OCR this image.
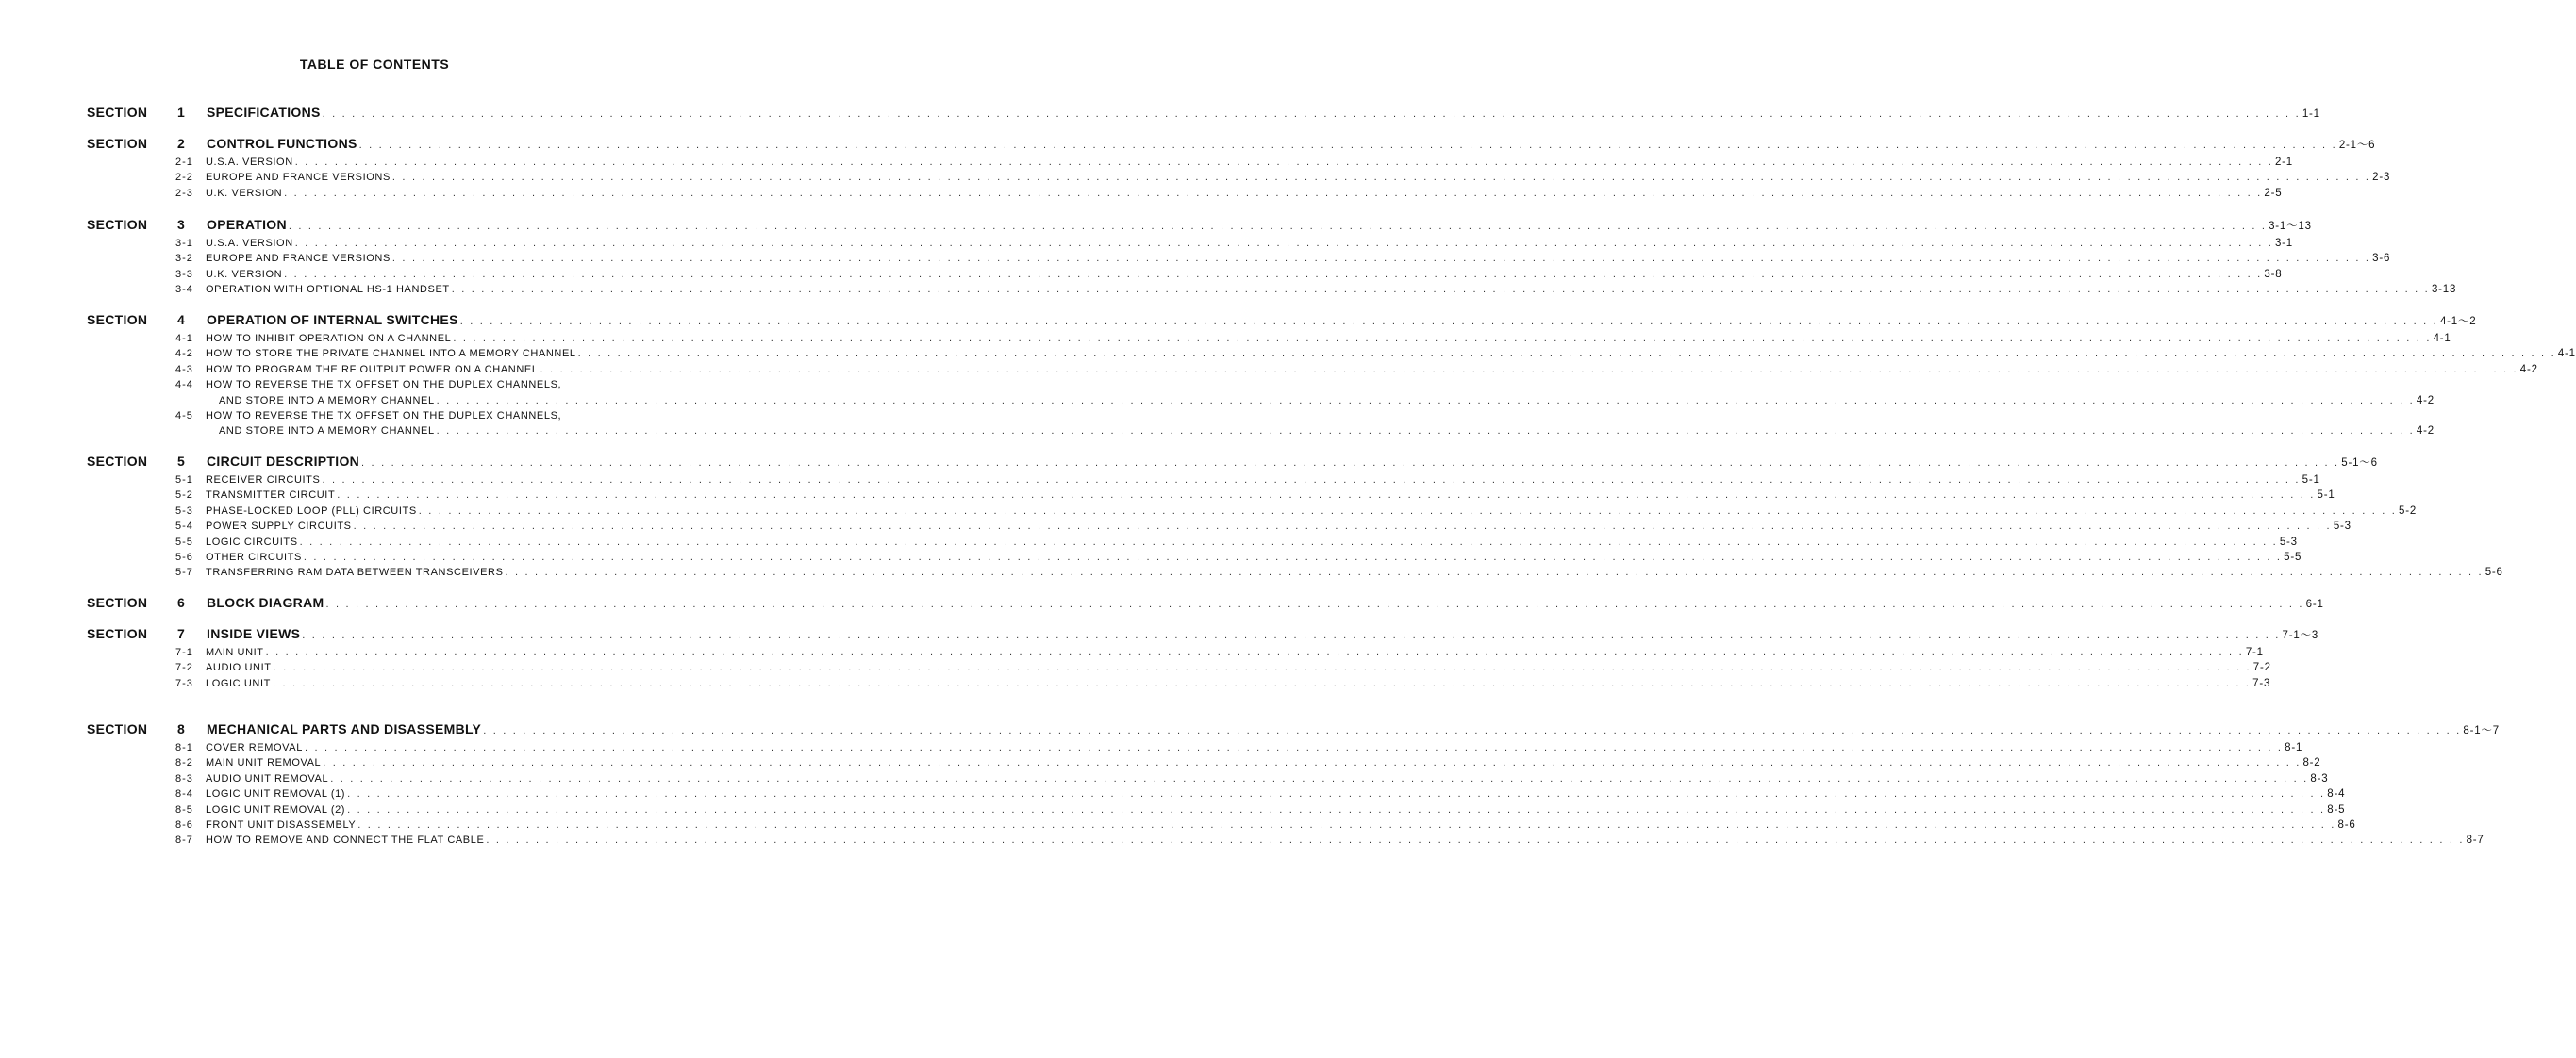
TABLE OF CONTENTS
SECTION 1 SPECIFICATIONS . . . . . . . . . . . . . . . . . . . . . . . . . . . . . . . . . . . . . . . . . . . . . . . . . . . . . . . . . . . . . . . . . . . . . . . . . . . . . . . . . . . . . . . . . . . . . . . . . . . . . . . . . . . . . . . . . . . . . . . . . . . . . . . . . . . . . . . . . . . . . . . . . . . . . . . . . . . . . . . . . . . . . . . . . . . . . . . . . . . . . . . . . . . . . . . . . . . . . . . . 1-1
SECTION 2 CONTROL FUNCTIONS . . . . . . . . . . . . . . . . . . . . . . . . . . . . . . . . . . . . . . . . . . . . . . . . . . . . . . . . . . . . . . . . . . . . . . . . . . . . . . . . . . . . . . . . . . . . . . . . . . . . . . . . . . . . . . . . . . . . . . . . . . . . . . . . . . . . . . . . . . . . . . . . . . . . . . . . . . . . . . . . . . . . . . . . . . . . . . . . . . . . . . . . . . . . . . . . . . . . . . . . 2-1～6
2-1	U.S.A. VERSION . . . . . . . . . . . . . . . . . . . . . . . . . . . . . . . . . . . . . . . . . . . . . . . . . . . . . . . . . . . . . . . . . . . . . . . . . . . . . . . . . . . . . . . . . . . . . . . . . . . . . . . . . . . . . . . . . . . . . . . . . . . . . . . . . . . . . . . . . . . . . . . . . . . . . . . . . . . . . . . . . . . . . . . . . . . . . . . . . . . . . . . . . . . . . . . . . . . . . . . . 2-1
2-2	EUROPE AND FRANCE VERSIONS . . . . . . . . . . . . . . . . . . . . . . . . . . . . . . . . . . . . . . . . . . . . . . . . . . . . . . . . . . . . . . . . . . . . . . . . . . . . . . . . . . . . . . . . . . . . . . . . . . . . . . . . . . . . . . . . . . . . . . . . . . . . . . . . . . . . . . . . . . . . . . . . . . . . . . . . . . . . . . . . . . . . . . . . . . . . . . . . . . . . . . . . . . . . . . . . . . . . . . . . 2-3
2-3	U.K. VERSION . . . . . . . . . . . . . . . . . . . . . . . . . . . . . . . . . . . . . . . . . . . . . . . . . . . . . . . . . . . . . . . . . . . . . . . . . . . . . . . . . . . . . . . . . . . . . . . . . . . . . . . . . . . . . . . . . . . . . . . . . . . . . . . . . . . . . . . . . . . . . . . . . . . . . . . . . . . . . . . . . . . . . . . . . . . . . . . . . . . . . . . . . . . . . . . . . . . . . . . . 2-5
SECTION 3 OPERATION . . . . . . . . . . . . . . . . . . . . . . . . . . . . . . . . . . . . . . . . . . . . . . . . . . . . . . . . . . . . . . . . . . . . . . . . . . . . . . . . . . . . . . . . . . . . . . . . . . . . . . . . . . . . . . . . . . . . . . . . . . . . . . . . . . . . . . . . . . . . . . . . . . . . . . . . . . . . . . . . . . . . . . . . . . . . . . . . . . . . . . . . . . . . . . . . . . . . . . . . 3-1～13
3-1	U.S.A. VERSION . . . . . . . . . . . . . . . . . . . . . . . . . . . . . . . . . . . . . . . . . . . . . . . . . . . . . . . . . . . . . . . . . . . . . . . . . . . . . . . . . . . . . . . . . . . . . . . . . . . . . . . . . . . . . . . . . . . . . . . . . . . . . . . . . . . . . . . . . . . . . . . . . . . . . . . . . . . . . . . . . . . . . . . . . . . . . . . . . . . . . . . . . . . . . . . . . . . . . . . . 3-1
3-2	EUROPE AND FRANCE VERSIONS . . . . . . . . . . . . . . . . . . . . . . . . . . . . . . . . . . . . . . . . . . . . . . . . . . . . . . . . . . . . . . . . . . . . . . . . . . . . . . . . . . . . . . . . . . . . . . . . . . . . . . . . . . . . . . . . . . . . . . . . . . . . . . . . . . . . . . . . . . . . . . . . . . . . . . . . . . . . . . . . . . . . . . . . . . . . . . . . . . . . . . . . . . . . . . . . . . . . . . . . 3-6
3-3	U.K. VERSION . . . . . . . . . . . . . . . . . . . . . . . . . . . . . . . . . . . . . . . . . . . . . . . . . . . . . . . . . . . . . . . . . . . . . . . . . . . . . . . . . . . . . . . . . . . . . . . . . . . . . . . . . . . . . . . . . . . . . . . . . . . . . . . . . . . . . . . . . . . . . . . . . . . . . . . . . . . . . . . . . . . . . . . . . . . . . . . . . . . . . . . . . . . . . . . . . . . . . . . . 3-8
3-4	OPERATION WITH OPTIONAL HS-1 HANDSET . . . . . . . . . . . . . . . . . . . . . . . . . . . . . . . . . . . . . . . . . . . . . . . . . . . . . . . . . . . . . . . . . . . . . . . . . . . . . . . . . . . . . . . . . . . . . . . . . . . . . . . . . . . . . . . . . . . . . . . . . . . . . . . . . . . . . . . . . . . . . . . . . . . . . . . . . . . . . . . . . . . . . . . . . . . . . . . . . . . . . . . . . . . . . . . . . . . . . . . . 3-13
SECTION 4 OPERATION OF INTERNAL SWITCHES . . . . . . . . . . . . . . . . . . . . . . . . . . . . . . . . . . . . . . . . . . . . . . . . . . . . . . . . . . . . . . . . . . . . . . . . . . . . . . . . . . . . . . . . . . . . . . . . . . . . . . . . . . . . . . . . . . . . . . . . . . . . . . . . . . . . . . . . . . . . . . . . . . . . . . . . . . . . . . . . . . . . . . . . . . . . . . . . . . . . . . . . . . . . . . . . . . . . . . . . 4-1～2
4-1	HOW TO INHIBIT OPERATION ON A CHANNEL . . . . . . . . . . . . . . . . . . . . . . . . . . . . . . . . . . . . . . . . . . . . . . . . . . . . . . . . . . . . . . . . . . . . . . . . . . . . . . . . . . . . . . . . . . . . . . . . . . . . . . . . . . . . . . . . . . . . . . . . . . . . . . . . . . . . . . . . . . . . . . . . . . . . . . . . . . . . . . . . . . . . . . . . . . . . . . . . . . . . . . . . . . . . . . . . . . . . . . . . 4-1
4-2	HOW TO STORE THE PRIVATE CHANNEL INTO A MEMORY CHANNEL . . . . . . . . . . . . . . . . . . . . . . . . . . . . . . . . . . . . . . . . . . . . . . . . . . . . . . . . . . . . . . . . . . . . . . . . . . . . . . . . . . . . . . . . . . . . . . . . . . . . . . . . . . . . . . . . . . . . . . . . . . . . . . . . . . . . . . . . . . . . . . . . . . . . . . . . . . . . . . . . . . . . . . . . . . . . . . . . . . . . . . . . . . . . . . . . . . . . . . . . 4-1
4-3	HOW TO PROGRAM THE RF OUTPUT POWER ON A CHANNEL . . . . . . . . . . . . . . . . . . . . . . . . . . . . . . . . . . . . . . . . . . . . . . . . . . . . . . . . . . . . . . . . . . . . . . . . . . . . . . . . . . . . . . . . . . . . . . . . . . . . . . . . . . . . . . . . . . . . . . . . . . . . . . . . . . . . . . . . . . . . . . . . . . . . . . . . . . . . . . . . . . . . . . . . . . . . . . . . . . . . . . . . . . . . . . . . . . . . . . . . 4-2
4-4 HOW TO REVERSE THE TX OFFSET ON THE DUPLEX CHANNELS,
AND STORE INTO A MEMORY CHANNEL . . . . . . . . . . . . . . . . . . . . . . . . . . . . . . . . . . . . . . . . . . . . . . . . . . . . . . . . . . . . . . . . . . . . . . . . . . . . . . . . . . . . . . . . . . . . . . . . . . . . . . . . . . . . . . . . . . . . . . . . . . . . . . . . . . . . . . . . . . . . . . . . . . . . . . . . . . . . . . . . . . . . . . . . . . . . . . . . . . . . . . . . . . . . . . . . . . . . . . . . 4-2
4-5 HOW TO REVERSE THE TX OFFSET ON THE DUPLEX CHANNELS,
AND STORE INTO A MEMORY CHANNEL . . . . . . . . . . . . . . . . . . . . . . . . . . . . . . . . . . . . . . . . . . . . . . . . . . . . . . . . . . . . . . . . . . . . . . . . . . . . . . . . . . . . . . . . . . . . . . . . . . . . . . . . . . . . . . . . . . . . . . . . . . . . . . . . . . . . . . . . . . . . . . . . . . . . . . . . . . . . . . . . . . . . . . . . . . . . . . . . . . . . . . . . . . . . . . . . . . . . . . . . 4-2
SECTION 5 CIRCUIT DESCRIPTION . . . . . . . . . . . . . . . . . . . . . . . . . . . . . . . . . . . . . . . . . . . . . . . . . . . . . . . . . . . . . . . . . . . . . . . . . . . . . . . . . . . . . . . . . . . . . . . . . . . . . . . . . . . . . . . . . . . . . . . . . . . . . . . . . . . . . . . . . . . . . . . . . . . . . . . . . . . . . . . . . . . . . . . . . . . . . . . . . . . . . . . . . . . . . . . . . . . . . . . . 5-1～6
5-1	RECEIVER CIRCUITS . . . . . . . . . . . . . . . . . . . . . . . . . . . . . . . . . . . . . . . . . . . . . . . . . . . . . . . . . . . . . . . . . . . . . . . . . . . . . . . . . . . . . . . . . . . . . . . . . . . . . . . . . . . . . . . . . . . . . . . . . . . . . . . . . . . . . . . . . . . . . . . . . . . . . . . . . . . . . . . . . . . . . . . . . . . . . . . . . . . . . . . . . . . . . . . . . . . . . . . . 5-1
5-2	TRANSMITTER CIRCUIT . . . . . . . . . . . . . . . . . . . . . . . . . . . . . . . . . . . . . . . . . . . . . . . . . . . . . . . . . . . . . . . . . . . . . . . . . . . . . . . . . . . . . . . . . . . . . . . . . . . . . . . . . . . . . . . . . . . . . . . . . . . . . . . . . . . . . . . . . . . . . . . . . . . . . . . . . . . . . . . . . . . . . . . . . . . . . . . . . . . . . . . . . . . . . . . . . . . . . . . . 5-1
5-3	PHASE-LOCKED LOOP (PLL) CIRCUITS . . . . . . . . . . . . . . . . . . . . . . . . . . . . . . . . . . . . . . . . . . . . . . . . . . . . . . . . . . . . . . . . . . . . . . . . . . . . . . . . . . . . . . . . . . . . . . . . . . . . . . . . . . . . . . . . . . . . . . . . . . . . . . . . . . . . . . . . . . . . . . . . . . . . . . . . . . . . . . . . . . . . . . . . . . . . . . . . . . . . . . . . . . . . . . . . . . . . . . . . 5-2
5-4	POWER SUPPLY CIRCUITS . . . . . . . . . . . . . . . . . . . . . . . . . . . . . . . . . . . . . . . . . . . . . . . . . . . . . . . . . . . . . . . . . . . . . . . . . . . . . . . . . . . . . . . . . . . . . . . . . . . . . . . . . . . . . . . . . . . . . . . . . . . . . . . . . . . . . . . . . . . . . . . . . . . . . . . . . . . . . . . . . . . . . . . . . . . . . . . . . . . . . . . . . . . . . . . . . . . . . . . . 5-3
5-5	LOGIC CIRCUITS . . . . . . . . . . . . . . . . . . . . . . . . . . . . . . . . . . . . . . . . . . . . . . . . . . . . . . . . . . . . . . . . . . . . . . . . . . . . . . . . . . . . . . . . . . . . . . . . . . . . . . . . . . . . . . . . . . . . . . . . . . . . . . . . . . . . . . . . . . . . . . . . . . . . . . . . . . . . . . . . . . . . . . . . . . . . . . . . . . . . . . . . . . . . . . . . . . . . . . . . 5-3
5-6	OTHER CIRCUITS . . . . . . . . . . . . . . . . . . . . . . . . . . . . . . . . . . . . . . . . . . . . . . . . . . . . . . . . . . . . . . . . . . . . . . . . . . . . . . . . . . . . . . . . . . . . . . . . . . . . . . . . . . . . . . . . . . . . . . . . . . . . . . . . . . . . . . . . . . . . . . . . . . . . . . . . . . . . . . . . . . . . . . . . . . . . . . . . . . . . . . . . . . . . . . . . . . . . . . . . 5-5
5-7	TRANSFERRING RAM DATA BETWEEN TRANSCEIVERS . . . . . . . . . . . . . . . . . . . . . . . . . . . . . . . . . . . . . . . . . . . . . . . . . . . . . . . . . . . . . . . . . . . . . . . . . . . . . . . . . . . . . . . . . . . . . . . . . . . . . . . . . . . . . . . . . . . . . . . . . . . . . . . . . . . . . . . . . . . . . . . . . . . . . . . . . . . . . . . . . . . . . . . . . . . . . . . . . . . . . . . . . . . . . . . . . . . . . . . . 5-6
SECTION 6 BLOCK DIAGRAM . . . . . . . . . . . . . . . . . . . . . . . . . . . . . . . . . . . . . . . . . . . . . . . . . . . . . . . . . . . . . . . . . . . . . . . . . . . . . . . . . . . . . . . . . . . . . . . . . . . . . . . . . . . . . . . . . . . . . . . . . . . . . . . . . . . . . . . . . . . . . . . . . . . . . . . . . . . . . . . . . . . . . . . . . . . . . . . . . . . . . . . . . . . . . . . . . . . . . . . . 6-1
SECTION 7 INSIDE VIEWS . . . . . . . . . . . . . . . . . . . . . . . . . . . . . . . . . . . . . . . . . . . . . . . . . . . . . . . . . . . . . . . . . . . . . . . . . . . . . . . . . . . . . . . . . . . . . . . . . . . . . . . . . . . . . . . . . . . . . . . . . . . . . . . . . . . . . . . . . . . . . . . . . . . . . . . . . . . . . . . . . . . . . . . . . . . . . . . . . . . . . . . . . . . . . . . . . . . . . . . . 7-1～3
7-1	MAIN UNIT . . . . . . . . . . . . . . . . . . . . . . . . . . . . . . . . . . . . . . . . . . . . . . . . . . . . . . . . . . . . . . . . . . . . . . . . . . . . . . . . . . . . . . . . . . . . . . . . . . . . . . . . . . . . . . . . . . . . . . . . . . . . . . . . . . . . . . . . . . . . . . . . . . . . . . . . . . . . . . . . . . . . . . . . . . . . . . . . . . . . . . . . . . . . . . . . . . . . . . . . 7-1
7-2	AUDIO UNIT . . . . . . . . . . . . . . . . . . . . . . . . . . . . . . . . . . . . . . . . . . . . . . . . . . . . . . . . . . . . . . . . . . . . . . . . . . . . . . . . . . . . . . . . . . . . . . . . . . . . . . . . . . . . . . . . . . . . . . . . . . . . . . . . . . . . . . . . . . . . . . . . . . . . . . . . . . . . . . . . . . . . . . . . . . . . . . . . . . . . . . . . . . . . . . . . . . . . . . . . 7-2
7-3	LOGIC UNIT . . . . . . . . . . . . . . . . . . . . . . . . . . . . . . . . . . . . . . . . . . . . . . . . . . . . . . . . . . . . . . . . . . . . . . . . . . . . . . . . . . . . . . . . . . . . . . . . . . . . . . . . . . . . . . . . . . . . . . . . . . . . . . . . . . . . . . . . . . . . . . . . . . . . . . . . . . . . . . . . . . . . . . . . . . . . . . . . . . . . . . . . . . . . . . . . . . . . . . . . 7-3
SECTION 8 MECHANICAL PARTS AND DISASSEMBLY . . . . . . . . . . . . . . . . . . . . . . . . . . . . . . . . . . . . . . . . . . . . . . . . . . . . . . . . . . . . . . . . . . . . . . . . . . . . . . . . . . . . . . . . . . . . . . . . . . . . . . . . . . . . . . . . . . . . . . . . . . . . . . . . . . . . . . . . . . . . . . . . . . . . . . . . . . . . . . . . . . . . . . . . . . . . . . . . . . . . . . . . . . . . . . . . . . . . . . . . 8-1～7
8-1	COVER REMOVAL . . . . . . . . . . . . . . . . . . . . . . . . . . . . . . . . . . . . . . . . . . . . . . . . . . . . . . . . . . . . . . . . . . . . . . . . . . . . . . . . . . . . . . . . . . . . . . . . . . . . . . . . . . . . . . . . . . . . . . . . . . . . . . . . . . . . . . . . . . . . . . . . . . . . . . . . . . . . . . . . . . . . . . . . . . . . . . . . . . . . . . . . . . . . . . . . . . . . . . . . 8-1
8-2	MAIN UNIT REMOVAL . . . . . . . . . . . . . . . . . . . . . . . . . . . . . . . . . . . . . . . . . . . . . . . . . . . . . . . . . . . . . . . . . . . . . . . . . . . . . . . . . . . . . . . . . . . . . . . . . . . . . . . . . . . . . . . . . . . . . . . . . . . . . . . . . . . . . . . . . . . . . . . . . . . . . . . . . . . . . . . . . . . . . . . . . . . . . . . . . . . . . . . . . . . . . . . . . . . . . . . . 8-2
8-3	AUDIO UNIT REMOVAL . . . . . . . . . . . . . . . . . . . . . . . . . . . . . . . . . . . . . . . . . . . . . . . . . . . . . . . . . . . . . . . . . . . . . . . . . . . . . . . . . . . . . . . . . . . . . . . . . . . . . . . . . . . . . . . . . . . . . . . . . . . . . . . . . . . . . . . . . . . . . . . . . . . . . . . . . . . . . . . . . . . . . . . . . . . . . . . . . . . . . . . . . . . . . . . . . . . . . . . . 8-3
8-4	LOGIC UNIT REMOVAL (1) . . . . . . . . . . . . . . . . . . . . . . . . . . . . . . . . . . . . . . . . . . . . . . . . . . . . . . . . . . . . . . . . . . . . . . . . . . . . . . . . . . . . . . . . . . . . . . . . . . . . . . . . . . . . . . . . . . . . . . . . . . . . . . . . . . . . . . . . . . . . . . . . . . . . . . . . . . . . . . . . . . . . . . . . . . . . . . . . . . . . . . . . . . . . . . . . . . . . . . . . 8-4
8-5	LOGIC UNIT REMOVAL (2) . . . . . . . . . . . . . . . . . . . . . . . . . . . . . . . . . . . . . . . . . . . . . . . . . . . . . . . . . . . . . . . . . . . . . . . . . . . . . . . . . . . . . . . . . . . . . . . . . . . . . . . . . . . . . . . . . . . . . . . . . . . . . . . . . . . . . . . . . . . . . . . . . . . . . . . . . . . . . . . . . . . . . . . . . . . . . . . . . . . . . . . . . . . . . . . . . . . . . . . . 8-5
8-6	FRONT UNIT DISASSEMBLY . . . . . . . . . . . . . . . . . . . . . . . . . . . . . . . . . . . . . . . . . . . . . . . . . . . . . . . . . . . . . . . . . . . . . . . . . . . . . . . . . . . . . . . . . . . . . . . . . . . . . . . . . . . . . . . . . . . . . . . . . . . . . . . . . . . . . . . . . . . . . . . . . . . . . . . . . . . . . . . . . . . . . . . . . . . . . . . . . . . . . . . . . . . . . . . . . . . . . . . . 8-6
8-7	HOW TO REMOVE AND CONNECT THE FLAT CABLE . . . . . . . . . . . . . . . . . . . . . . . . . . . . . . . . . . . . . . . . . . . . . . . . . . . . . . . . . . . . . . . . . . . . . . . . . . . . . . . . . . . . . . . . . . . . . . . . . . . . . . . . . . . . . . . . . . . . . . . . . . . . . . . . . . . . . . . . . . . . . . . . . . . . . . . . . . . . . . . . . . . . . . . . . . . . . . . . . . . . . . . . . . . . . . . . . . . . . . . . 8-7
